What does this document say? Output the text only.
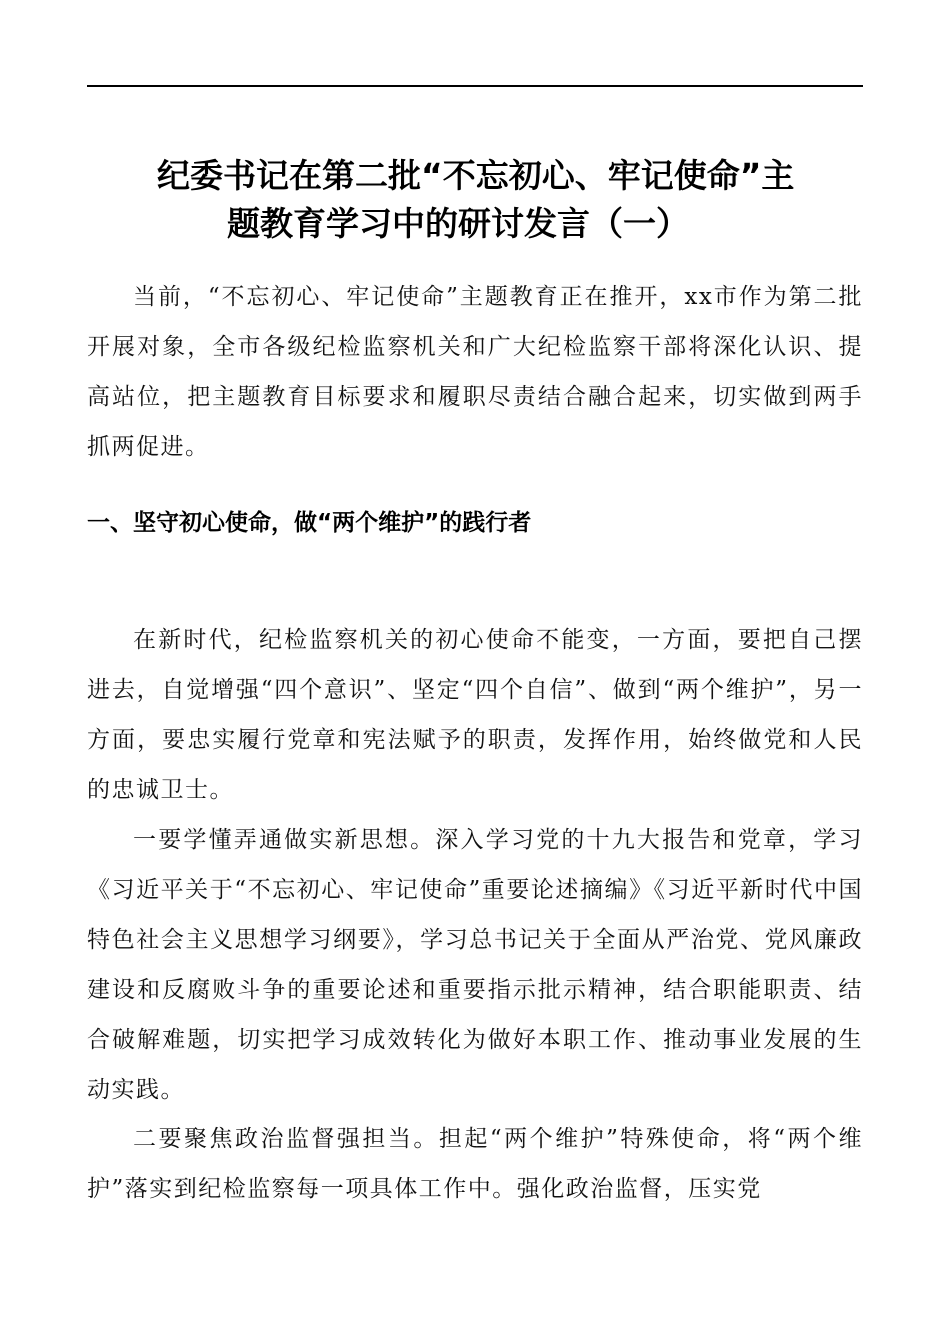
纪委书记在第二批“不忘初心、牢记使命”主
题教育学习中的研讨发言（一）

当前，“不忘初心、牢记使命”主题教育正在推开，xx市作为第二批开展对象，全市各级纪检监察机关和广大纪检监察干部将深化认识、提高站位，把主题教育目标要求和履职尽责结合融合起来，切实做到两手抓两促进。

一、坚守初心使命，做“两个维护”的践行者

在新时代，纪检监察机关的初心使命不能变，一方面，要把自己摆进去，自觉增强“四个意识”、坚定“四个自信”、做到“两个维护”，另一方面，要忠实履行党章和宪法赋予的职责，发挥作用，始终做党和人民的忠诚卫士。

一要学懂弄通做实新思想。深入学习党的十九大报告和党章，学习《习近平关于“不忘初心、牢记使命”重要论述摘编》《习近平新时代中国特色社会主义思想学习纲要》，学习总书记关于全面从严治党、党风廉政建设和反腐败斗争的重要论述和重要指示批示精神，结合职能职责、结合破解难题，切实把学习成效转化为做好本职工作、推动事业发展的生动实践。

二要聚焦政治监督强担当。担起“两个维护”特殊使命，将“两个维护”落实到纪检监察每一项具体工作中。强化政治监督，压实党
